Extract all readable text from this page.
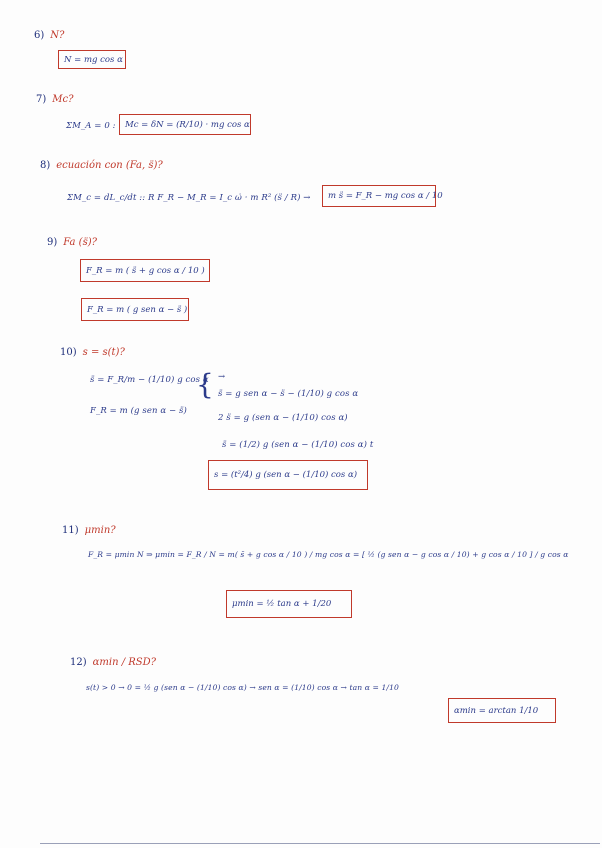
6) N?
N = mg cos α
7) Mc?
ΣM_A = 0 :	Mc = δN = (R/10) · mg cos α
8) ecuación con (Fa, s̈)?
ΣM_c = dL_c/dt :: R F_R − M_R = I_c ω̇ · m R² (s̈ / R) →	m s̈ = F_R − mg cos α / 10
9) Fa (s̈)?
F_R = m ( s̈ + g cos α / 10 )
F_R = m ( g sen α − s̈ )
10) s = s(t)?
s̈ = F_R/m − (1/10) g cos α
F_R = m (g sen α − s̈)
{ →
s̈ = g sen α − s̈ − (1/10) g cos α
2 s̈ = g (sen α − (1/10) cos α)
s̈ = (1/2) g (sen α − (1/10) cos α) t
s = (t²/4) g (sen α − (1/10) cos α)
11) μmin?
F_R = μmin N ⇒ μmin = F_R / N = m( s̈ + g cos α / 10 ) / mg cos α = [ ½ (g sen α − g cos α / 10) + g cos α / 10 ] / g cos α
μmin = ½ tan α + 1/20
12) αmin / RSD?
s(t) > 0 → 0 = ½ g (sen α − (1/10) cos α) → sen α = (1/10) cos α → tan α = 1/10
αmin = arctan 1/10
